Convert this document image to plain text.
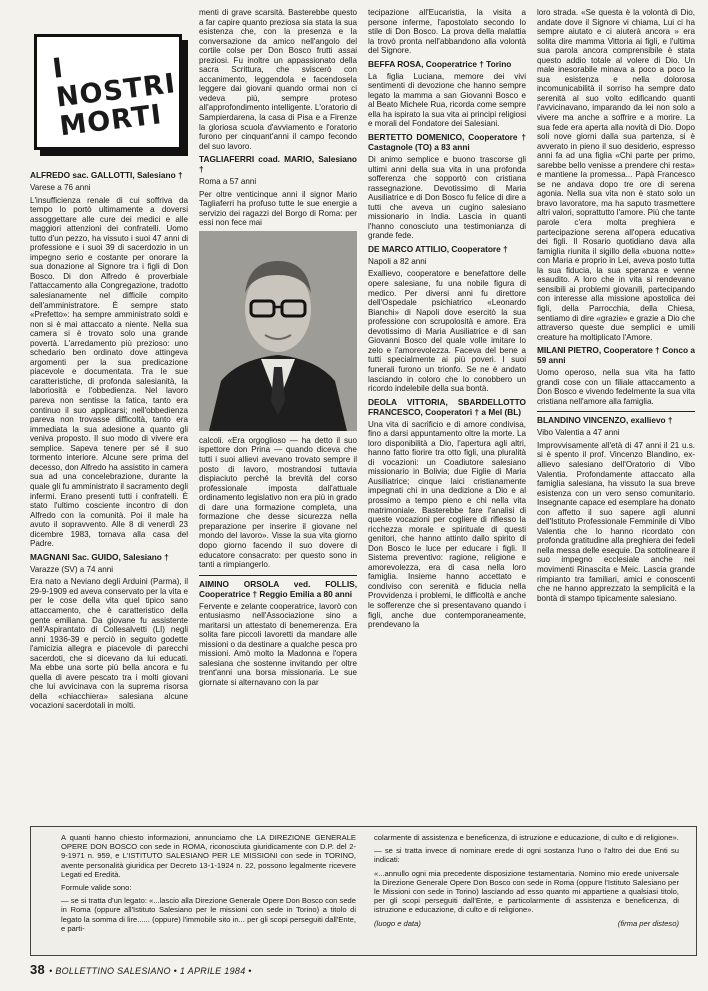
I NOSTRI
MORTI

ALFREDO sac. GALLOTTI, Salesiano †

Varese a 76 anni

L'insufficienza renale di cui soffriva da tempo lo portò ultimamente a doversi assoggettare alle cure dei medici e alle maggiori attenzioni dei confratelli. Uomo tutto d'un pezzo, ha vissuto i suoi 47 anni di professione e i suoi 39 di sacerdozio in un impegno serio e costante per onorare la sua donazione al Signore tra i figli di Don Bosco. Di don Alfredo è proverbiale l'attaccamento alla Congregazione, tradotto salesianamente nel difficile compito dell'amministratore. È sempre stato «Prefetto»: ha sempre amministrato soldi e non si è mai attaccato a niente. Nella sua camera si è trovato solo una grande povertà. L'arredamento più prezioso: uno schedario ben ordinato dove attingeva argomenti per la sua predicazione piacevole e documentata. Tra le sue caratteristiche, di profonda salesianità, la laboriosità e l'obbedienza. Nel lavoro pareva non sentisse la fatica, tanto era continuo il suo applicarsi; nell'obbedienza pareva non trovasse difficoltà, tanto era immediata la sua adesione a quanto gli veniva proposto. Il suo modo di vivere era semplice. Sapeva tenere per sé il suo tormento interiore. Alcune sere prima del decesso, don Alfredo ha assistito in camera sua ad una concelebrazione, durante la quale gli fu amministrato il sacramento degli infermi. Erano presenti tutti i confratelli. È stato l'ultimo cosciente incontro di don Alfredo con la comunità. Poi il male ha avuto il sopravvento. Alle 8 di venerdì 23 dicembre 1983, tornava alla casa del Padre.

MAGNANI Sac. GUIDO, Salesiano †

Varazze (SV) a 74 anni

Era nato a Neviano degli Arduini (Parma), il 29-9-1909 ed aveva conservato per la vita e per le cose della vita quel tipico sano attaccamento, che è caratteristico della gente emiliana. Da giovane fu assistente nell'Aspirantato di Collesalvetti (LI) negli anni 1936-39 e perciò in seguito godette l'amicizia allegra e piacevole di parecchi sacerdoti, che si dicevano da lui educati. Ma ebbe una sorte più bella ancora e fu quella di avere pescato tra i molti giovani che lui avvicinava con la suprema risorsa della «chiacchiera» salesiana alcune vocazioni sacerdotali in molti.

menti di grave scarsità. Basterebbe questo a far capire quanto preziosa sia stata la sua esistenza che, con la presenza e la conversazione da amico nell'angolo del cortile colse per Don Bosco frutti assai preziosi. Fu inoltre un appassionato della sacra Scrittura, che sviscerò con accanimento, leggendola e facendosela leggere dai giovani quando ormai non ci vedeva più, sempre proteso all'approfondimento intelligente. L'oratorio di Sampierdarena, la casa di Pisa e a Firenze la gloriosa scuola d'avviamento e l'oratorio furono per cinquant'anni il campo fecondo del suo lavoro.

TAGLIAFERRI coad. MARIO, Salesiano †

Roma a 57 anni

Per oltre venticinque anni il signor Mario Tagliaferri ha profuso tutte le sue energie a servizio dei ragazzi del Borgo di Roma: per essi non fece mai

calcoli. «Era orgoglioso — ha detto il suo ispettore don Prina — quando diceva che tutti i suoi allievi avevano trovato sempre il posto di lavoro, mostrandosi tuttavia dispiaciuto perché la brevità del corso professionale imposta dall'attuale ordinamento legislativo non era più in grado di dare una formazione completa, una formazione che desse sicurezza nella preparazione per inserire il giovane nel mondo del lavoro». Visse la sua vita giorno dopo giorno facendo il suo dovere di educatore consacrato: per questo sono in tanti a rimpiangerlo.

AIMINO ORSOLA ved. FOLLIS, Cooperatrice † Reggio Emilia a 80 anni

Fervente e zelante cooperatrice, lavorò con entusiasmo nell'Associazione sino a maritarsi un attestato di benemerenza. Era solita fare piccoli lavoretti da mandare alle missioni o da destinare a qualche pesca pro missioni. Amò molto la Madonna e l'opera salesiana che sostenne invitando per oltre trent'anni una borsa missionaria. Le sue giornate si alternavano con la par

tecipazione all'Eucaristia, la visita a persone inferme, l'apostolato secondo lo stile di Don Bosco. La prova della malattia la trovò pronta nell'abbandono alla volontà del Signore.

BEFFA ROSA, Cooperatrice † Torino

La figlia Luciana, memore dei vivi sentimenti di devozione che hanno sempre legato la mamma a san Giovanni Bosco e al Beato Michele Rua, ricorda come sempre ella ha ispirato la sua vita ai principi religiosi e morali del Fondatore dei Salesiani.

BERTETTO DOMENICO, Cooperatore † Castagnole (TO) a 83 anni

Di animo semplice e buono trascorse gli ultimi anni della sua vita in una profonda sofferenza che sopportò con cristiana rassegnazione. Devotissimo di Maria Ausiliatrice e di Don Bosco fu felice di dire a tutti che aveva un cugino salesiano missionario in India. Lascia in quanti l'hanno conosciuto una testimonianza di grande fede.

DE MARCO ATTILIO, Cooperatore †

Napoli a 82 anni

Exallievo, cooperatore e benefattore delle opere salesiane, fu una nobile figura di medico. Per diversi anni fu direttore dell'Ospedale psichiatrico «Leonardo Bianchi» di Napoli dove esercitò la sua professione con scrupolosità e amore. Era devotissimo di Maria Ausiliatrice e di san Giovanni Bosco del quale volle imitare lo zelo e l'amorevolezza. Faceva del bene a tutti specialmente ai più poveri. I suoi funerali furono un trionfo. Se ne è andato lasciando in coloro che lo conobbero un ricordo indelebile della sua bontà.

DEOLA VITTORIA, SBARDELLOTTO FRANCESCO, Cooperatori † a Mel (BL)

Una vita di sacrificio e di amore condivisa, fino a darsi appuntamento oltre la morte. La loro disponibilità a Dio, l'apertura agli altri, hanno fatto fiorire tra otto figli, una pluralità di vocazioni: un Coadiutore salesiano missionario in Bolivia; due Figlie di Maria Ausiliatrice; cinque laici cristianamente impegnati chi in una dedizione a Dio e al prossimo a tempo pieno e chi nella vita matrimoniale. Basterebbe fare l'analisi di queste vocazioni per cogliere di riflesso la ricchezza morale e spirituale di questi genitori, che hanno attinto dallo spirito di Don Bosco le luce per educare i figli. Il Sistema preventivo: ragione, religione e amorevolezza, era di casa nella loro famiglia. Insieme hanno accettato e condiviso con serenità e fiducia nella Provvidenza i problemi, le difficoltà e anche le sofferenze che si presentavano quando i figli, anche due contemporaneamente, prendevano la

loro strada. «Se questa è la volontà di Dio, andate dove il Signore vi chiama, Lui ci ha sempre aiutato e ci aiuterà ancora » era solita dire mamma Vittoria ai figli, e l'ultima sua parola ancora comprensibile è stata questo addio totale al volere di Dio. Un male inesorabile minava a poco a poco la sua esistenza e nella dolorosa incomunicabilità il sorriso ha sempre dato serenità al suo volto edificando quanti l'avvicinavano, imparando da lei non solo a vivere ma anche a soffrire e a morire. La sua fede era aperta alla novità di Dio. Dopo soli nove giorni dalla sua partenza, si è avverato in pieno il suo desiderio, espresso anni fa ad una figlia «Chi parte per primo, sarebbe bello venisse a prendere chi resta» e mantiene la promessa... Papà Francesco se ne andava dopo tre ore di serena agonia. Nella sua vita non è stato solo un bravo lavoratore, ma ha saputo trasmettere altri valori, soprattutto l'amore. Più che tante parole c'era molta preghiera e partecipazione serena all'opera educativa dei figli. Il Rosario quotidiano dava alla famiglia riunita il sigillo della «buona notte» con Maria e proprio in Lei, aveva posto tutta la sua fiducia, la sua speranza e venne esaudito. A loro che in vita si rendevano sensibili ai problemi giovanili, partecipando con interesse alla missione apostolica dei figli, della Parrocchia, della Chiesa, sentiamo di dire «grazie» e grazie a Dio che attraverso queste due semplici e umili creature ha moltiplicato l'Amore.

MILANI PIETRO, Cooperatore † Conco a 59 anni

Uomo operoso, nella sua vita ha fatto grandi cose con un filiale attaccamento a Don Bosco e vivendo fedelmente la sua vita cristiana nell'amore alla famiglia.

BLANDINO VINCENZO, exallievo †

Vibo Valentia a 47 anni

Improvvisamente all'età di 47 anni il 21 u.s. si è spento il prof. Vincenzo Blandino, ex-allievo salesiano dell'Oratorio di Vibo Valentia. Profondamente attaccato alla famiglia salesiana, ha vissuto la sua breve esistenza con un vero senso comunitario. Insegnante capace ed esemplare ha donato con affetto il suo sapere agli alunni dell'Istituto Professionale Femminile di Vibo Valentia che lo hanno ricordato con profonda gratitudine alla preghiera dei fedeli nella messa delle esequie. Da sottolineare il suo impegno ecclesiale anche nei movimenti Rinascita e Meic. Lascia grande rimpianto tra familiari, amici e conoscenti che ne hanno apprezzato la semplicità e la bontà di stampo tipicamente salesiano.

A quanti hanno chiesto informazioni, annunciamo che LA DIREZIONE GENERALE OPERE DON BOSCO con sede in ROMA, riconosciuta giuridicamente con D.P. del 2-9-1971 n. 959, e L'ISTITUTO SALESIANO PER LE MISSIONI con sede in TORINO, avente personalità giuridica per Decreto 13-1-1924 n. 22, possono legalmente ricevere Legati ed Eredità.

Formule valide sono:

— se si tratta d'un legato: «...lascio alla Direzione Generale Opere Don Bosco con sede in Roma (oppure all'Istituto Salesiano per le missioni con sede in Torino) a titolo di legato la somma di lire...... (oppure) l'immobile sito in... per gli scopi perseguiti dall'Ente, e parti-

colarmente di assistenza e beneficenza, di istruzione e educazione, di culto e di religione».

— se si tratta invece di nominare erede di ogni sostanza l'uno o l'altro dei due Enti su indicati:

«...annullo ogni mia precedente disposizione testamentaria. Nomino mio erede universale la Direzione Generale Opere Don Bosco con sede in Roma (oppure l'Istituto Salesiano per le Missioni con sede in Torino) lasciando ad esso quanto mi appartiene a qualsiasi titolo, per gli scopi perseguiti dall'Ente, e particolarmente di assistenza e beneficenza, di istruzione e educazione, di culto e di religione».

(luogo e data)	(firma per disteso)
38 • BOLLETTINO SALESIANO • 1 APRILE 1984 •
